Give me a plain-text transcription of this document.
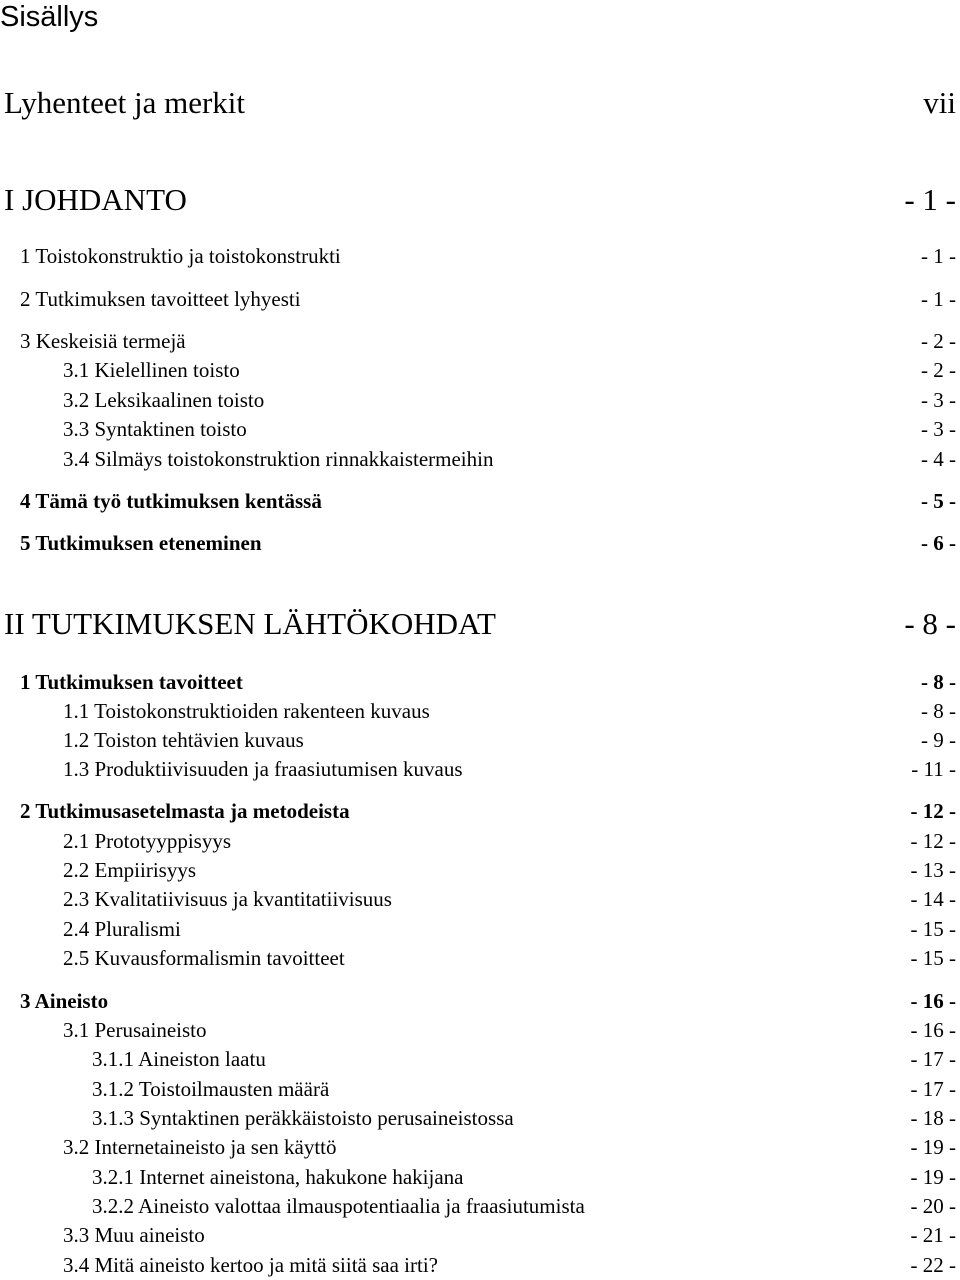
Sisällys
Lyhenteet ja merkit	vii
I JOHDANTO	- 1 -
1 Toistokonstruktio ja toistokonstrukti	- 1 -
2 Tutkimuksen tavoitteet lyhyesti	- 1 -
3 Keskeisiä termejä	- 2 -
3.1 Kielellinen toisto	- 2 -
3.2 Leksikaalinen toisto	- 3 -
3.3 Syntaktinen toisto	- 3 -
3.4 Silmäys toistokonstruktion rinnakkaistermeihin	- 4 -
4 Tämä työ tutkimuksen kentässä	- 5 -
5 Tutkimuksen eteneminen	- 6 -
II TUTKIMUKSEN LÄHTÖKOHDAT	- 8 -
1 Tutkimuksen tavoitteet	- 8 -
1.1 Toistokonstruktioiden rakenteen kuvaus	- 8 -
1.2 Toiston tehtävien kuvaus	- 9 -
1.3 Produktiivisuuden ja fraasiutumisen kuvaus	- 11 -
2 Tutkimusasetelmasta ja metodeista	- 12 -
2.1 Prototyyppisyys	- 12 -
2.2 Empiirisyys	- 13 -
2.3 Kvalitatiivisuus ja kvantitatiivisuus	- 14 -
2.4 Pluralismi	- 15 -
2.5 Kuvausformalismin tavoitteet	- 15 -
3 Aineisto	- 16 -
3.1 Perusaineisto	- 16 -
3.1.1 Aineiston laatu	- 17 -
3.1.2 Toistoilmausten määrä	- 17 -
3.1.3 Syntaktinen peräkkäistoisto perusaineistossa	- 18 -
3.2 Internetaineisto ja sen käyttö	- 19 -
3.2.1 Internet aineistona, hakukone hakijana	- 19 -
3.2.2 Aineisto valottaa ilmauspotentiaalia ja fraasiutumista	- 20 -
3.3 Muu aineisto	- 21 -
3.4 Mitä aineisto kertoo ja mitä siitä saa irti?	- 22 -
